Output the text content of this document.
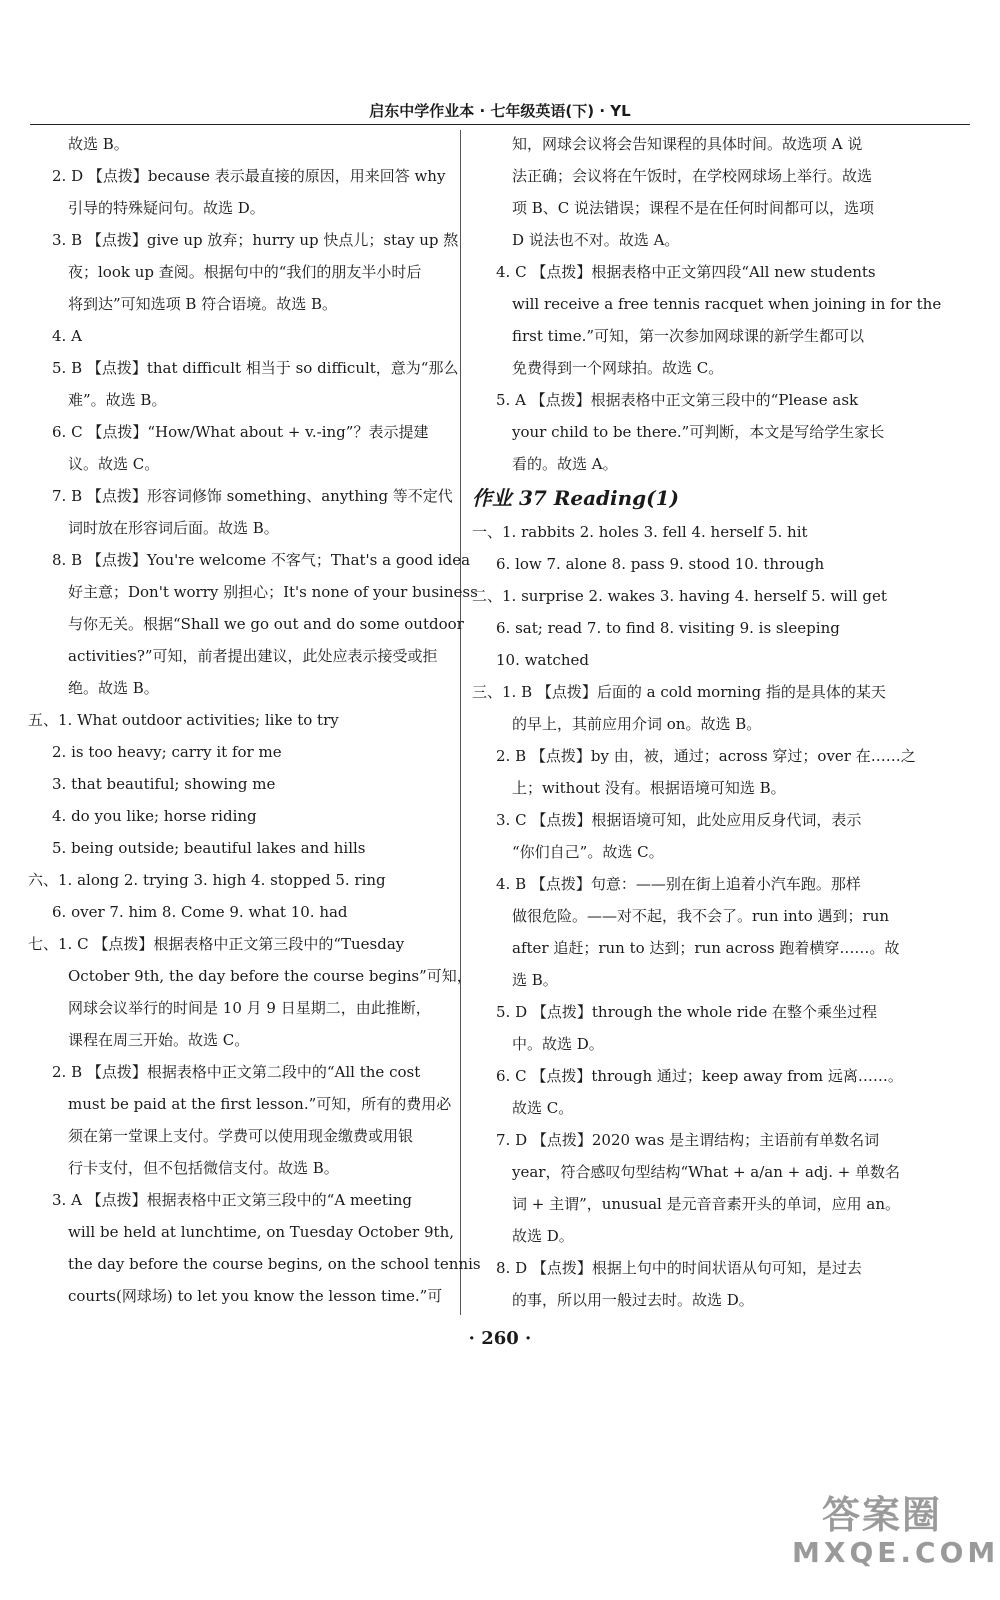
启东中学作业本 · 七年级英语(下) · YL
故选 B。
2. D 【点拨】because 表示最直接的原因，用来回答 why
引导的特殊疑问句。故选 D。
3. B 【点拨】give up 放弃；hurry up 快点儿；stay up 熬
夜；look up 查阅。根据句中的“我们的朋友半小时后
将到达”可知选项 B 符合语境。故选 B。
4. A
5. B 【点拨】that difficult 相当于 so difficult，意为“那么
难”。故选 B。
6. C 【点拨】“How/What about + v.-ing”？表示提建
议。故选 C。
7. B 【点拨】形容词修饰 something、anything 等不定代
词时放在形容词后面。故选 B。
8. B 【点拨】You're welcome 不客气；That's a good idea
好主意；Don't worry 别担心；It's none of your business
与你无关。根据“Shall we go out and do some outdoor
activities?”可知，前者提出建议，此处应表示接受或拒
绝。故选 B。
五、1. What outdoor activities; like to try
2. is too heavy; carry it for me
3. that beautiful; showing me
4. do you like; horse riding
5. being outside; beautiful lakes and hills
六、1. along 2. trying 3. high 4. stopped 5. ring
6. over 7. him 8. Come 9. what 10. had
七、1. C 【点拨】根据表格中正文第三段中的“Tuesday
October 9th, the day before the course begins”可知，
网球会议举行的时间是 10 月 9 日星期二，由此推断，
课程在周三开始。故选 C。
2. B 【点拨】根据表格中正文第二段中的“All the cost
must be paid at the first lesson.”可知，所有的费用必
须在第一堂课上支付。学费可以使用现金缴费或用银
行卡支付，但不包括微信支付。故选 B。
3. A 【点拨】根据表格中正文第三段中的“A meeting
will be held at lunchtime, on Tuesday October 9th,
the day before the course begins, on the school tennis
courts(网球场) to let you know the lesson time.”可
知，网球会议将会告知课程的具体时间。故选项 A 说
法正确；会议将在午饭时，在学校网球场上举行。故选
项 B、C 说法错误；课程不是在任何时间都可以，选项
D 说法也不对。故选 A。
4. C 【点拨】根据表格中正文第四段“All new students
will receive a free tennis racquet when joining in for the
first time.”可知，第一次参加网球课的新学生都可以
免费得到一个网球拍。故选 C。
5. A 【点拨】根据表格中正文第三段中的“Please ask
your child to be there.”可判断，本文是写给学生家长
看的。故选 A。
作业 37 Reading(1)
一、1. rabbits 2. holes 3. fell 4. herself 5. hit
6. low 7. alone 8. pass 9. stood 10. through
二、1. surprise 2. wakes 3. having 4. herself 5. will get
6. sat; read 7. to find 8. visiting 9. is sleeping
10. watched
三、1. B 【点拨】后面的 a cold morning 指的是具体的某天
的早上，其前应用介词 on。故选 B。
2. B 【点拨】by 由，被，通过；across 穿过；over 在……之
上；without 没有。根据语境可知选 B。
3. C 【点拨】根据语境可知，此处应用反身代词，表示
“你们自己”。故选 C。
4. B 【点拨】句意：——别在街上追着小汽车跑。那样
做很危险。——对不起，我不会了。run into 遇到；run
after 追赶；run to 达到；run across 跑着横穿……。故
选 B。
5. D 【点拨】through the whole ride 在整个乘坐过程
中。故选 D。
6. C 【点拨】through 通过；keep away from 远离……。
故选 C。
7. D 【点拨】2020 was 是主谓结构；主语前有单数名词
year，符合感叹句型结构“What + a/an + adj. + 单数名
词 + 主谓”，unusual 是元音音素开头的单词，应用 an。
故选 D。
8. D 【点拨】根据上句中的时间状语从句可知，是过去
的事，所以用一般过去时。故选 D。
· 260 ·
答案圈
MXQE.COM
